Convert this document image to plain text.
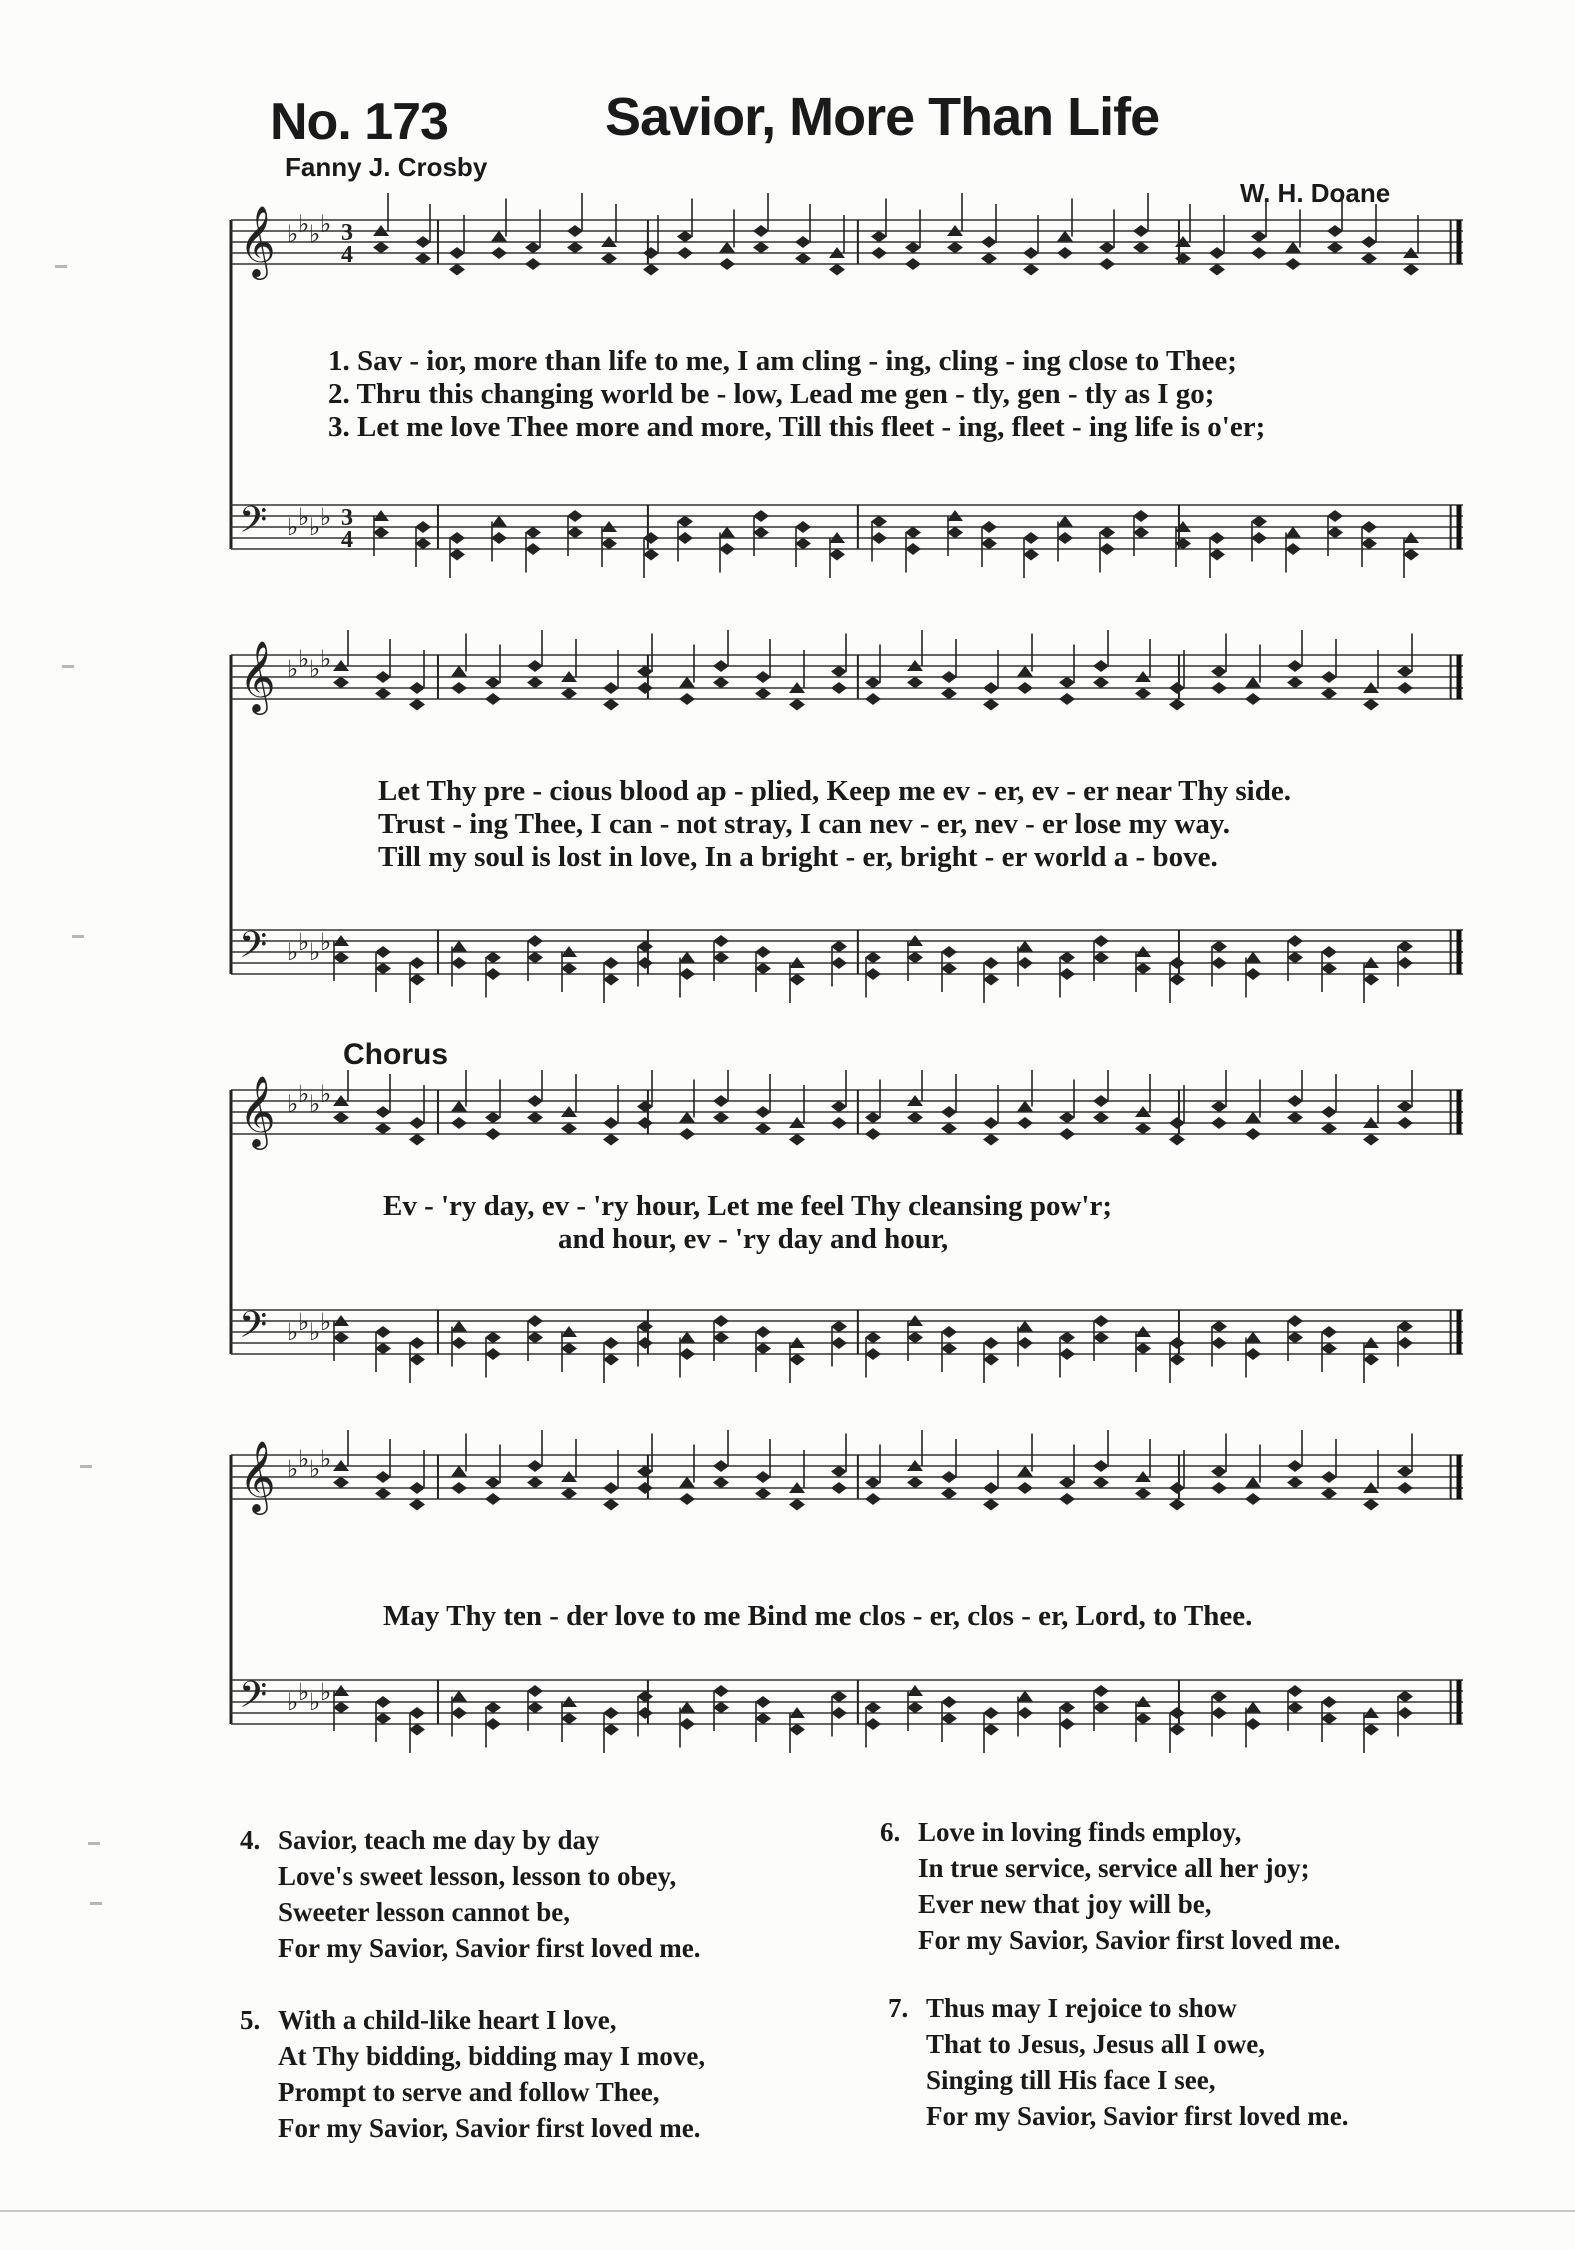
No. 173	Savior, More Than Life
Fanny J. Crosby
W. H. Doane
𝄞 ♭ ♭ ♭ ♭ 3
4
𝄢 ♭ ♭ ♭ ♭ 3
4
1. Sav - ior, more than life to me, I am cling - ing, cling - ing close to Thee;
2. Thru this changing world be - low, Lead me gen - tly, gen - tly as I go;
3. Let me love Thee more and more, Till this fleet - ing, fleet - ing life is o'er;
𝄞 ♭ ♭ ♭ ♭
𝄢 ♭ ♭ ♭ ♭
Let Thy pre - cious blood ap - plied, Keep me ev - er, ev - er near Thy side.
Trust - ing Thee, I can - not stray, I can nev - er, nev - er lose my way.
Till my soul is lost in love, In a bright - er, bright - er world a - bove.
Chorus
𝄞 ♭ ♭ ♭ ♭
𝄢 ♭ ♭ ♭ ♭
Ev - 'ry day, ev - 'ry hour, Let me feel Thy cleansing pow'r;
and hour, ev - 'ry day and hour,
𝄞 ♭ ♭ ♭ ♭
𝄢 ♭ ♭ ♭ ♭
May Thy ten - der love to me Bind me clos - er, clos - er, Lord, to Thee.
4. Savior, teach me day by day
Love's sweet lesson, lesson to obey,
Sweeter lesson cannot be,
For my Savior, Savior first loved me.
6. Love in loving finds employ,
In true service, service all her joy;
Ever new that joy will be,
For my Savior, Savior first loved me.
5. With a child-like heart I love,
At Thy bidding, bidding may I move,
Prompt to serve and follow Thee,
For my Savior, Savior first loved me.
7. Thus may I rejoice to show
That to Jesus, Jesus all I owe,
Singing till His face I see,
For my Savior, Savior first loved me.
